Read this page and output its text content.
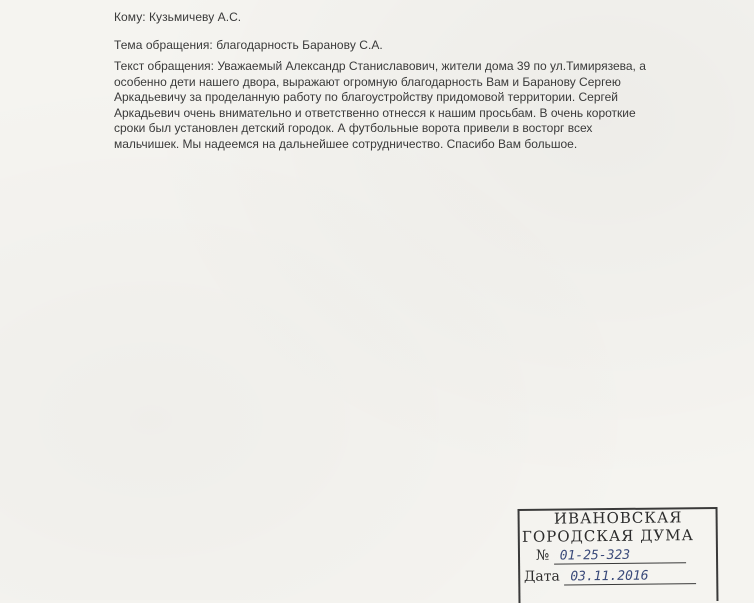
Кому: Кузьмичеву А.С.
Тема обращения: благодарность Баранову С.А.
Текст обращения: Уважаемый Александр Станиславович, жители дома 39 по ул.Тимирязева, а
особенно дети нашего двора, выражают огромную благодарность Вам и Баранову Сергею
Аркадьевичу за проделанную работу по благоустройству придомовой территории. Сергей
Аркадьевич очень внимательно и ответственно отнесся к нашим просьбам. В очень короткие
сроки был установлен детский городок. А футбольные ворота привели в восторг всех
мальчишек. Мы надеемся на дальнейшее сотрудничество. Спасибо Вам большое.
ИВАНОВСКАЯ
ГОРОДСКАЯ ДУМА
№ 01-25-323
Дата 03.11.2016
